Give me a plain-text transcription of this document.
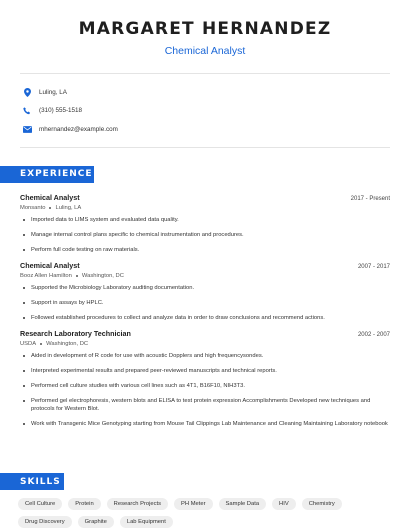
MARGARET HERNANDEZ
Chemical Analyst
Luling, LA
(310) 555-1518
mhernandez@example.com
EXPERIENCE
Chemical Analyst	2017 - Present
Monsanto Luling, LA
Imported data to LIMS system and evaluated data quality.
Manage internal control plans specific to chemical instrumentation and procedures.
Perform full code testing on raw materials.
Chemical Analyst	2007 - 2017
Booz Allen Hamilton Washington, DC
Supported the Microbiology Laboratory auditing documentation.
Support in assays by HPLC.
Followed established procedures to collect and analyze data in order to draw conclusions and recommend actions.
Research Laboratory Technician	2002 - 2007
USDA Washington, DC
Aided in development of R code for use with acoustic Dopplers and high frequencysondes.
Interpreted experimental results and prepared peer-reviewed manuscripts and technical reports.
Performed cell culture studies with various cell lines such as 4T1, B16F10, NIH3T3.
Performed gel electrophoresis, western blots and ELISA to test protein expression Accomplishments Developed new techniques and protocols for Western Blot.
Work with Transgenic Mice Genotyping starting from Mouse Tail Clippings Lab Maintenance and Cleaning Maintaining Laboratory notebook
SKILLS
Cell Culture	Protein	Research Projects	PH Meter	Sample Data	HIV	Chemistry
Drug Discovery	Graphite	Lab Equipment
